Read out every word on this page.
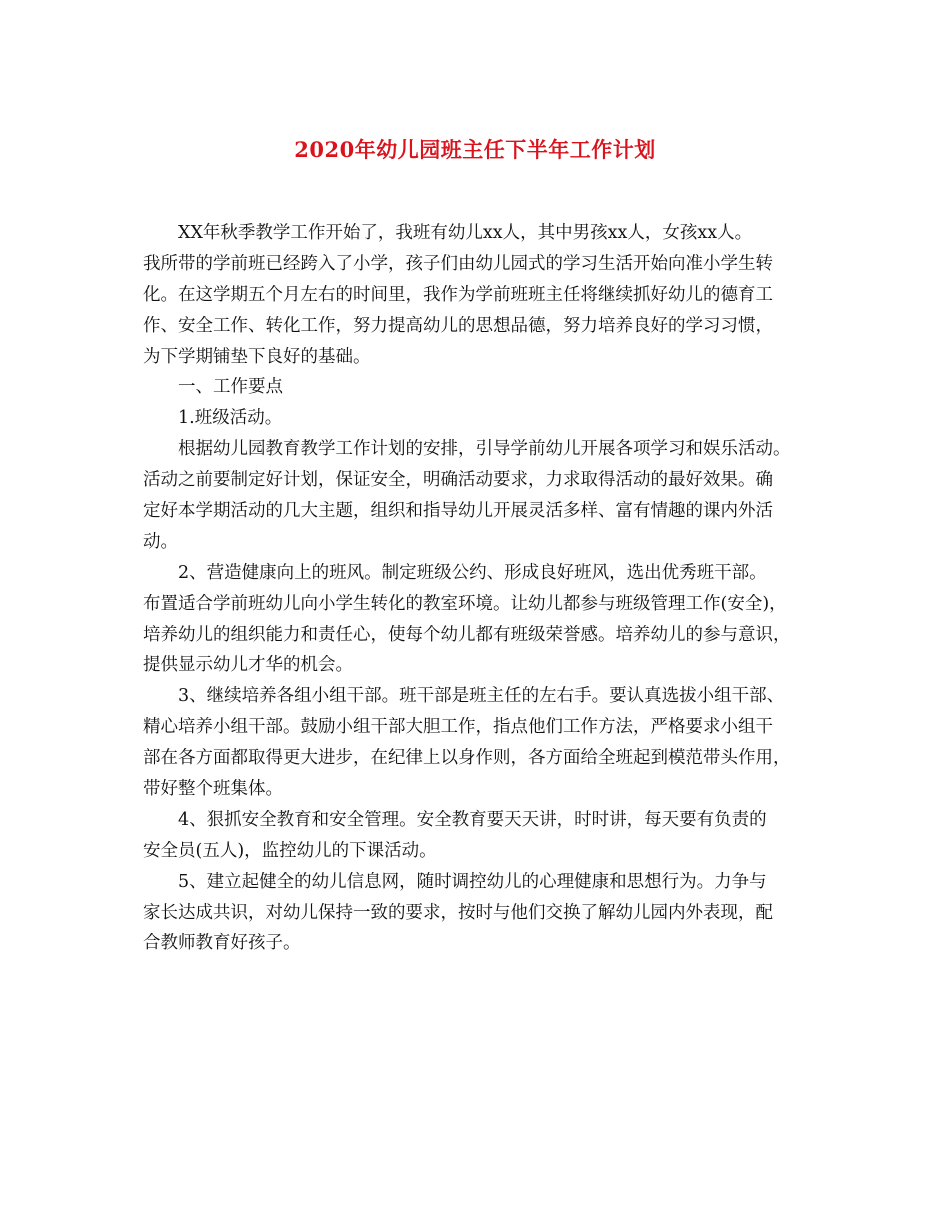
2020年幼儿园班主任下半年工作计划
XX年秋季教学工作开始了，我班有幼儿xx人，其中男孩xx人，女孩xx人。
我所带的学前班已经跨入了小学，孩子们由幼儿园式的学习生活开始向准小学生转
化。在这学期五个月左右的时间里，我作为学前班班主任将继续抓好幼儿的德育工
作、安全工作、转化工作，努力提高幼儿的思想品德，努力培养良好的学习习惯，
为下学期铺垫下良好的基础。
一、工作要点
1.班级活动。
根据幼儿园教育教学工作计划的安排，引导学前幼儿开展各项学习和娱乐活动。
活动之前要制定好计划，保证安全，明确活动要求，力求取得活动的最好效果。确
定好本学期活动的几大主题，组织和指导幼儿开展灵活多样、富有情趣的课内外活
动。
2、营造健康向上的班风。制定班级公约、形成良好班风，选出优秀班干部。
布置适合学前班幼儿向小学生转化的教室环境。让幼儿都参与班级管理工作(安全)，
培养幼儿的组织能力和责任心，使每个幼儿都有班级荣誉感。培养幼儿的参与意识，
提供显示幼儿才华的机会。
3、继续培养各组小组干部。班干部是班主任的左右手。要认真选拔小组干部、
精心培养小组干部。鼓励小组干部大胆工作，指点他们工作方法，严格要求小组干
部在各方面都取得更大进步，在纪律上以身作则，各方面给全班起到模范带头作用，
带好整个班集体。
4、狠抓安全教育和安全管理。安全教育要天天讲，时时讲，每天要有负责的
安全员(五人)，监控幼儿的下课活动。
5、建立起健全的幼儿信息网，随时调控幼儿的心理健康和思想行为。力争与
家长达成共识，对幼儿保持一致的要求，按时与他们交换了解幼儿园内外表现，配
合教师教育好孩子。
